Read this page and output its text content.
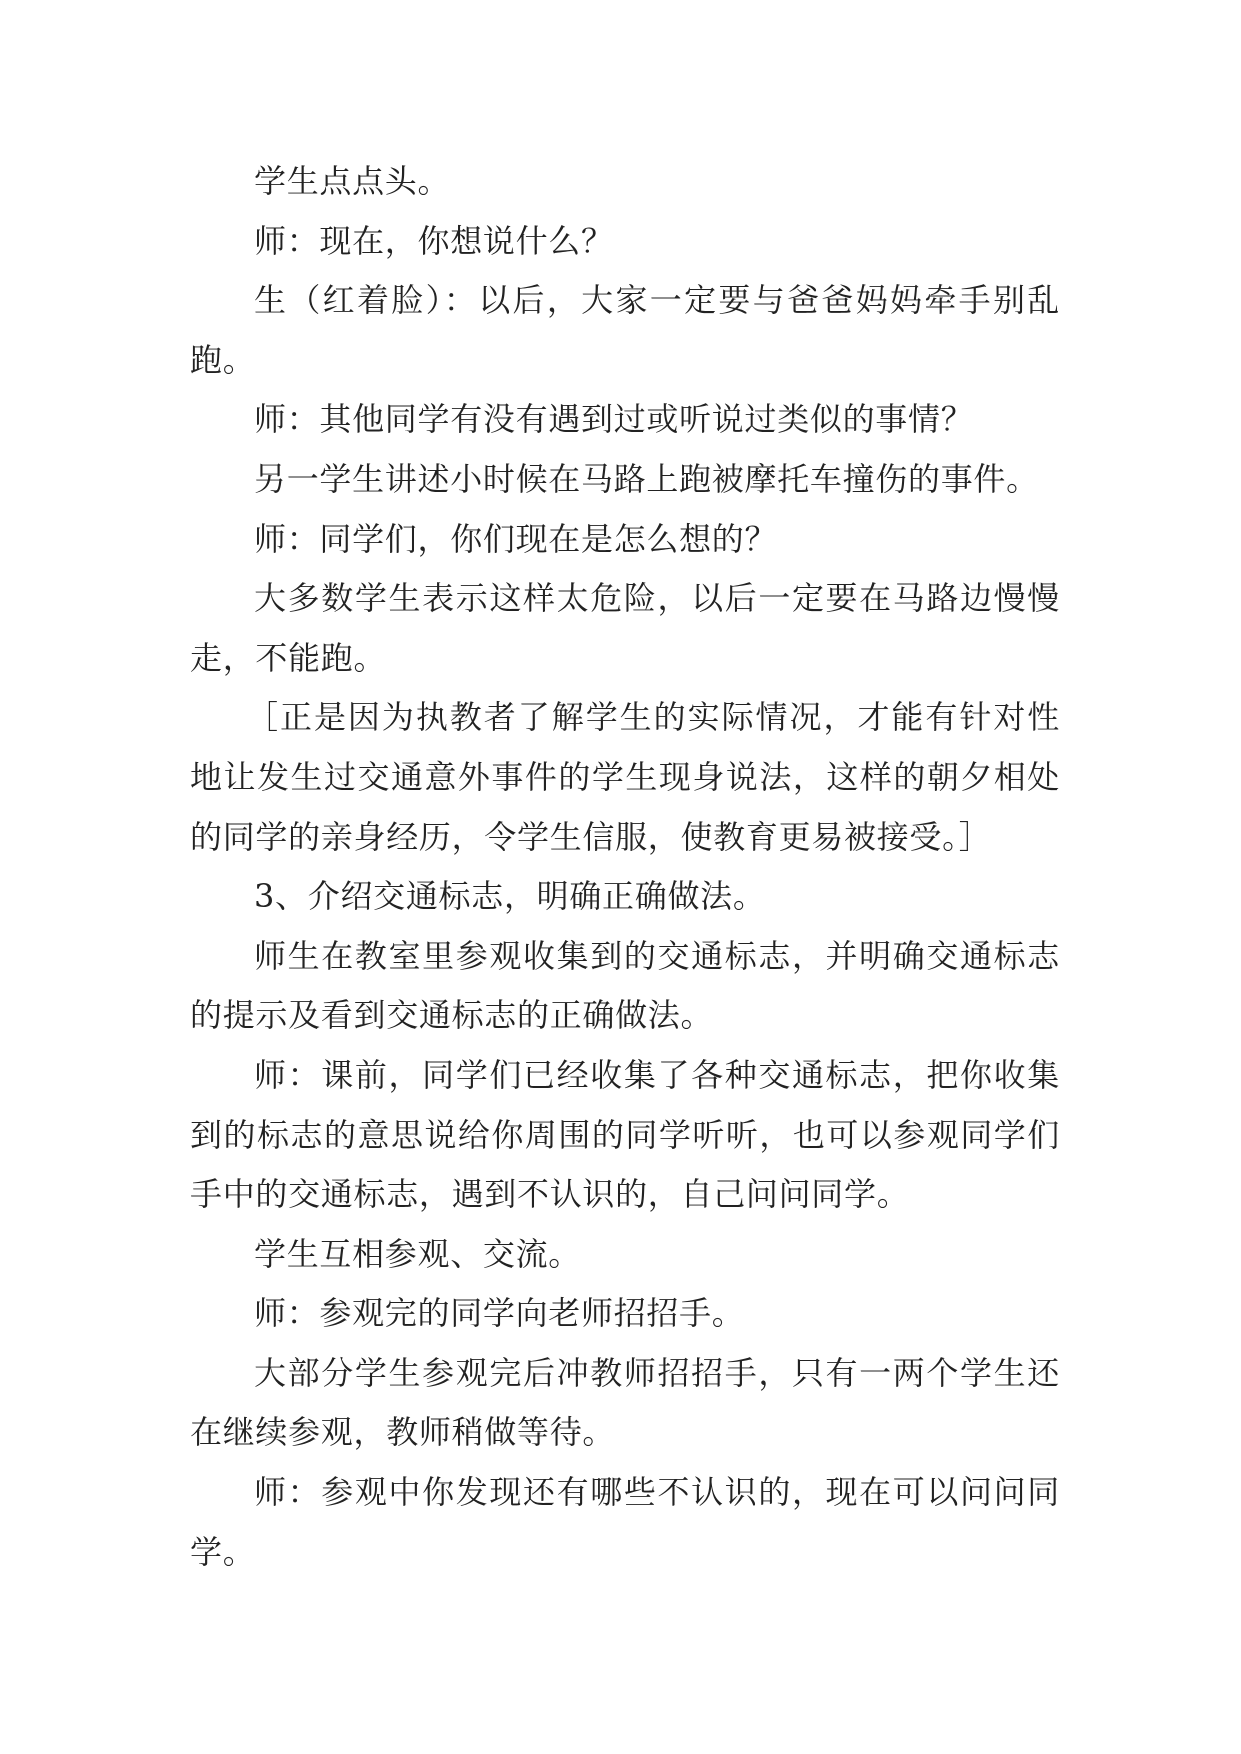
学生点点头。

师：现在，你想说什么？

生（红着脸）：以后，大家一定要与爸爸妈妈牵手别乱跑。

师：其他同学有没有遇到过或听说过类似的事情？

另一学生讲述小时候在马路上跑被摩托车撞伤的事件。

师：同学们，你们现在是怎么想的？

大多数学生表示这样太危险，以后一定要在马路边慢慢走，不能跑。

［正是因为执教者了解学生的实际情况，才能有针对性地让发生过交通意外事件的学生现身说法，这样的朝夕相处的同学的亲身经历，令学生信服，使教育更易被接受。］

3、介绍交通标志，明确正确做法。

师生在教室里参观收集到的交通标志，并明确交通标志的提示及看到交通标志的正确做法。

师：课前，同学们已经收集了各种交通标志，把你收集到的标志的意思说给你周围的同学听听，也可以参观同学们手中的交通标志，遇到不认识的，自己问问同学。

学生互相参观、交流。

师：参观完的同学向老师招招手。

大部分学生参观完后冲教师招招手，只有一两个学生还在继续参观，教师稍做等待。

师：参观中你发现还有哪些不认识的，现在可以问问同学。
